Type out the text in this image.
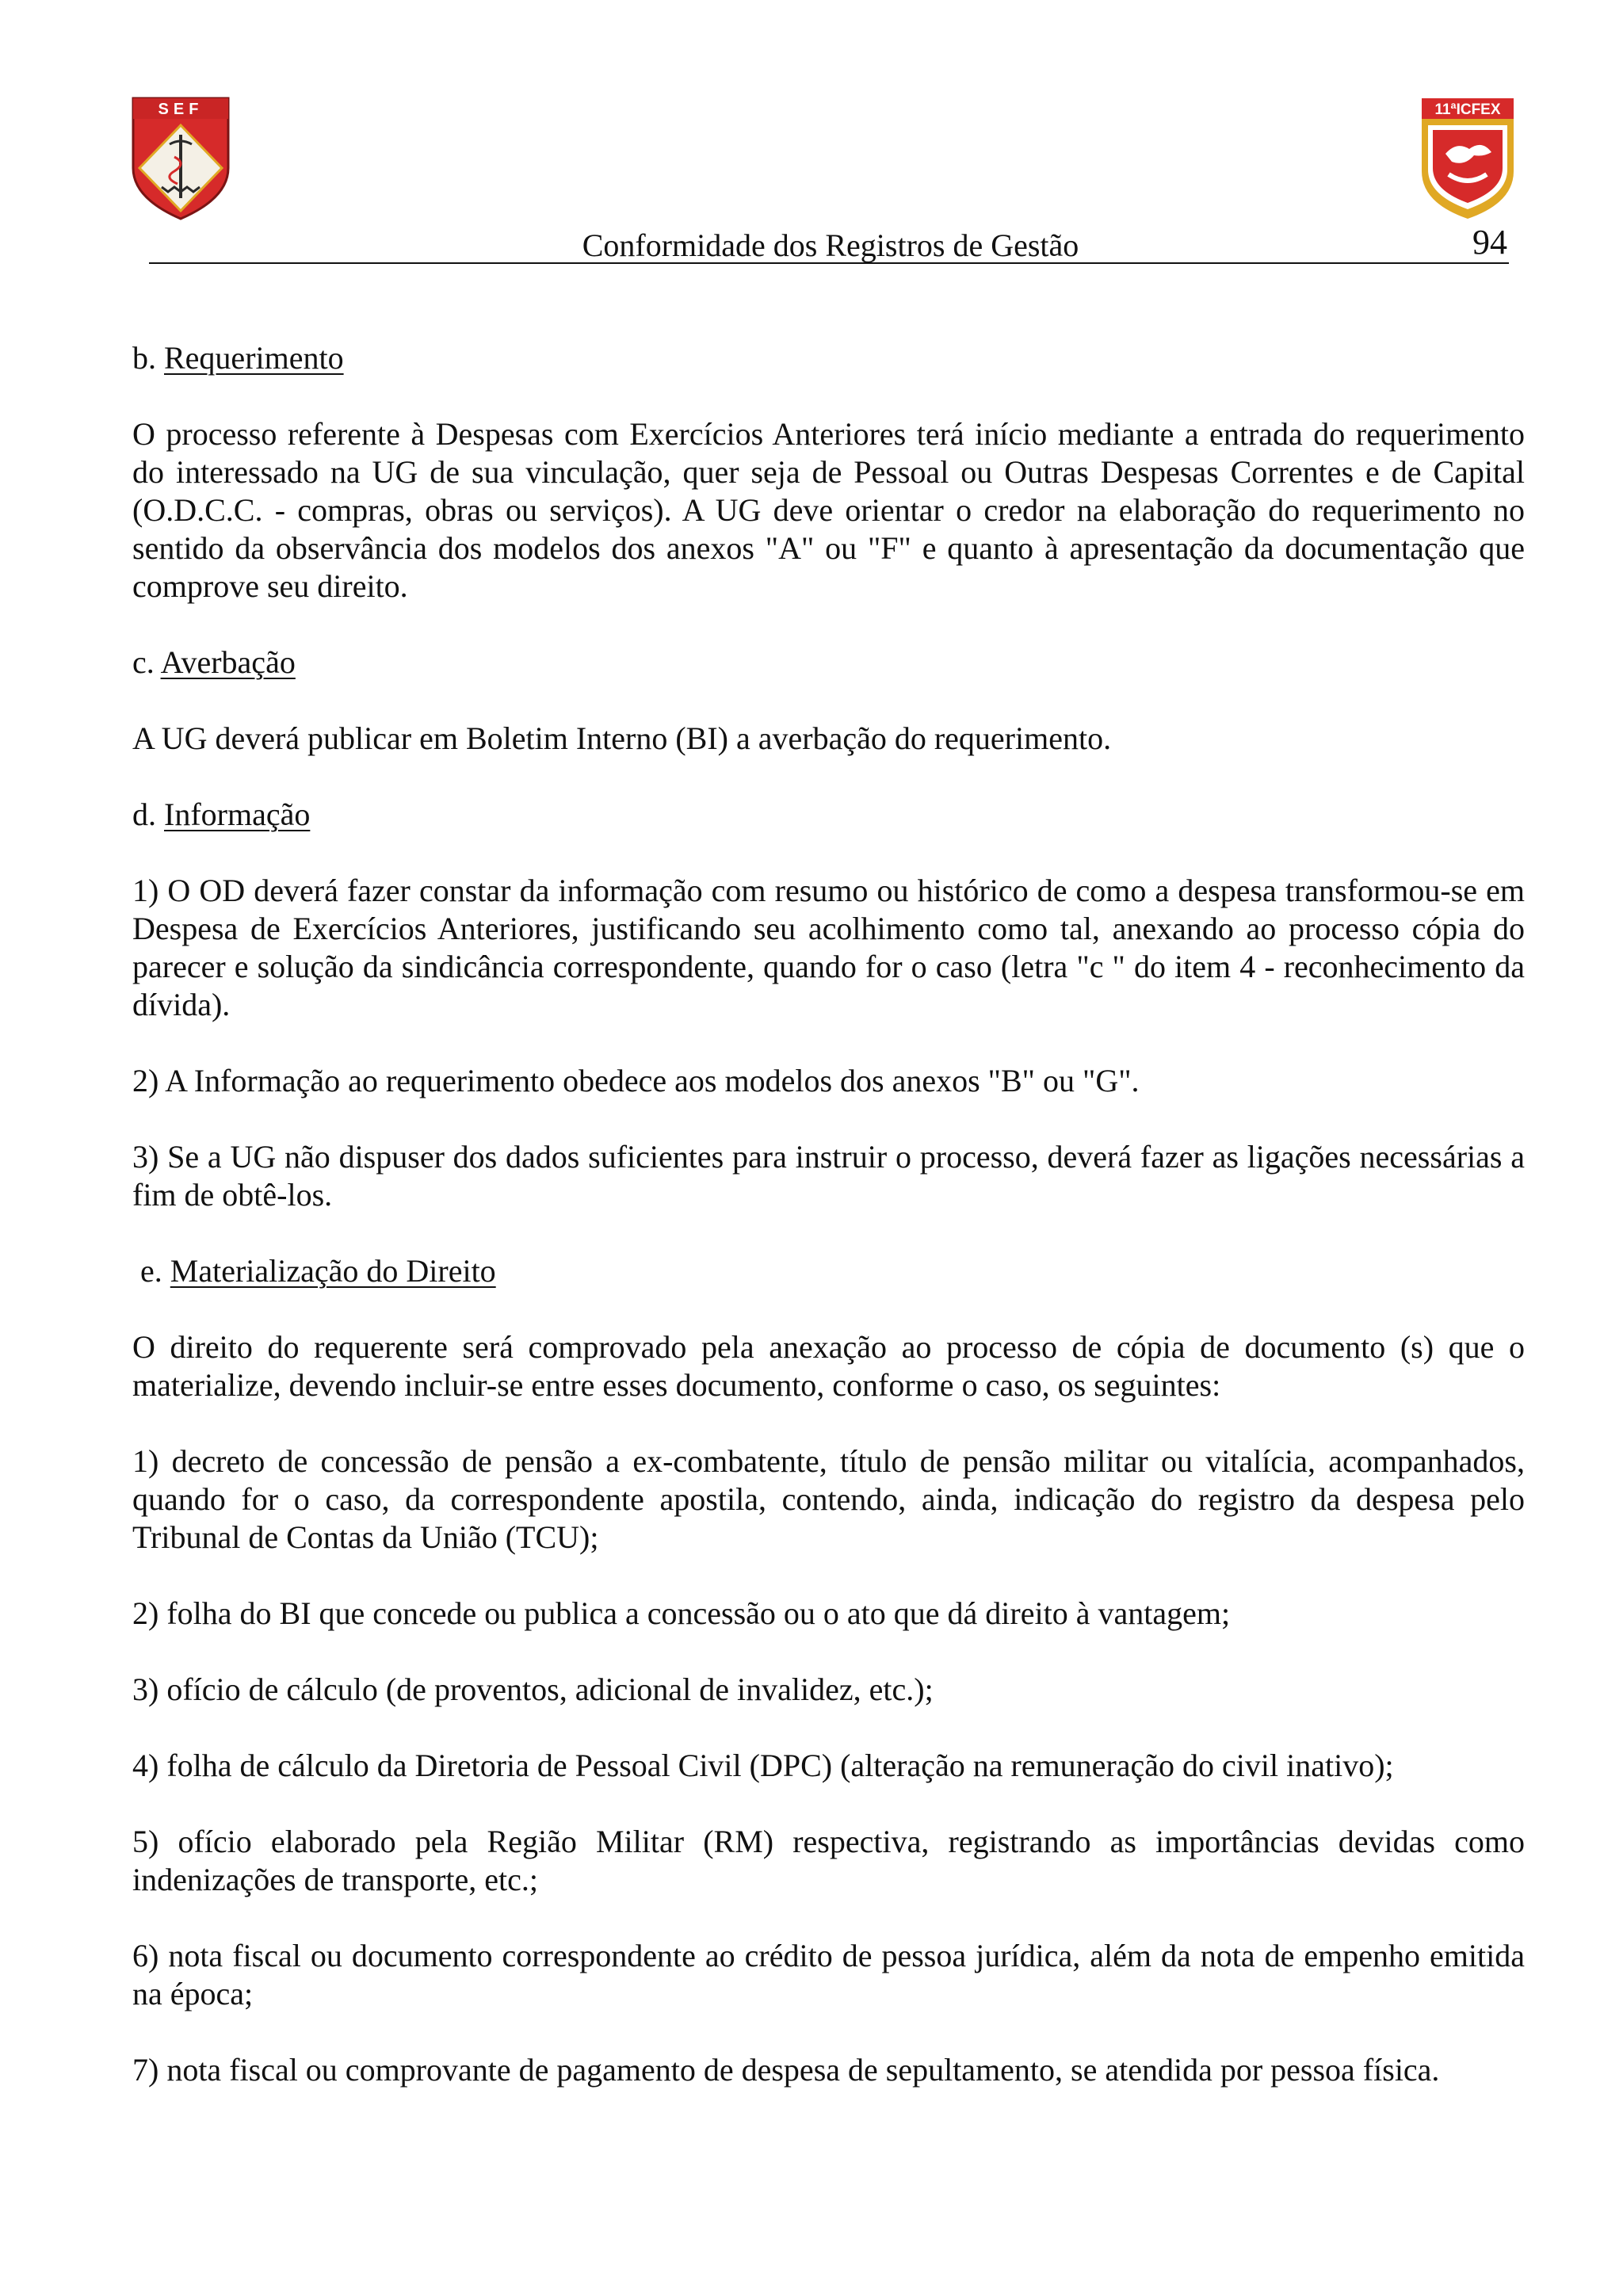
SEF	11ªICFEX
Conformidade dos Registros de Gestão	94

b. Requerimento

O processo referente à Despesas com Exercícios Anteriores terá início mediante a entrada do requerimento do interessado na UG de sua vinculação, quer seja de Pessoal ou Outras Despesas Correntes e de Capital (O.D.C.C. - compras, obras ou serviços). A UG deve orientar o credor na elaboração do requerimento no sentido da observância dos modelos dos anexos "A" ou "F" e quanto à apresentação da documentação que comprove seu direito.

c. Averbação

A UG deverá publicar em Boletim Interno (BI) a averbação do requerimento.

d. Informação

1) O OD deverá fazer constar da informação com resumo ou histórico de como a despesa transformou-se em Despesa de Exercícios Anteriores, justificando seu acolhimento como tal, anexando ao processo cópia do parecer e solução da sindicância correspondente, quando for o caso (letra "c " do item 4 - reconhecimento da dívida).

2) A Informação ao requerimento obedece aos modelos dos anexos "B" ou "G".

3) Se a UG não dispuser dos dados suficientes para instruir o processo, deverá fazer as ligações necessárias a fim de obtê-los.

e. Materialização do Direito

O direito do requerente será comprovado pela anexação ao processo de cópia de documento (s) que o materialize, devendo incluir-se entre esses documento, conforme o caso, os seguintes:

1) decreto de concessão de pensão a ex-combatente, título de pensão militar ou vitalícia, acompanhados, quando for o caso, da correspondente apostila, contendo, ainda, indicação do registro da despesa pelo Tribunal de Contas da União (TCU);

2) folha do BI que concede ou publica a concessão ou o ato que dá direito à vantagem;

3) ofício de cálculo (de proventos, adicional de invalidez, etc.);

4) folha de cálculo da Diretoria de Pessoal Civil (DPC) (alteração na remuneração do civil inativo);

5) ofício elaborado pela Região Militar (RM) respectiva, registrando as importâncias devidas como indenizações de transporte, etc.;

6) nota fiscal ou documento correspondente ao crédito de pessoa jurídica, além da nota de empenho emitida na época;

7) nota fiscal ou comprovante de pagamento de despesa de sepultamento, se atendida por pessoa física.
